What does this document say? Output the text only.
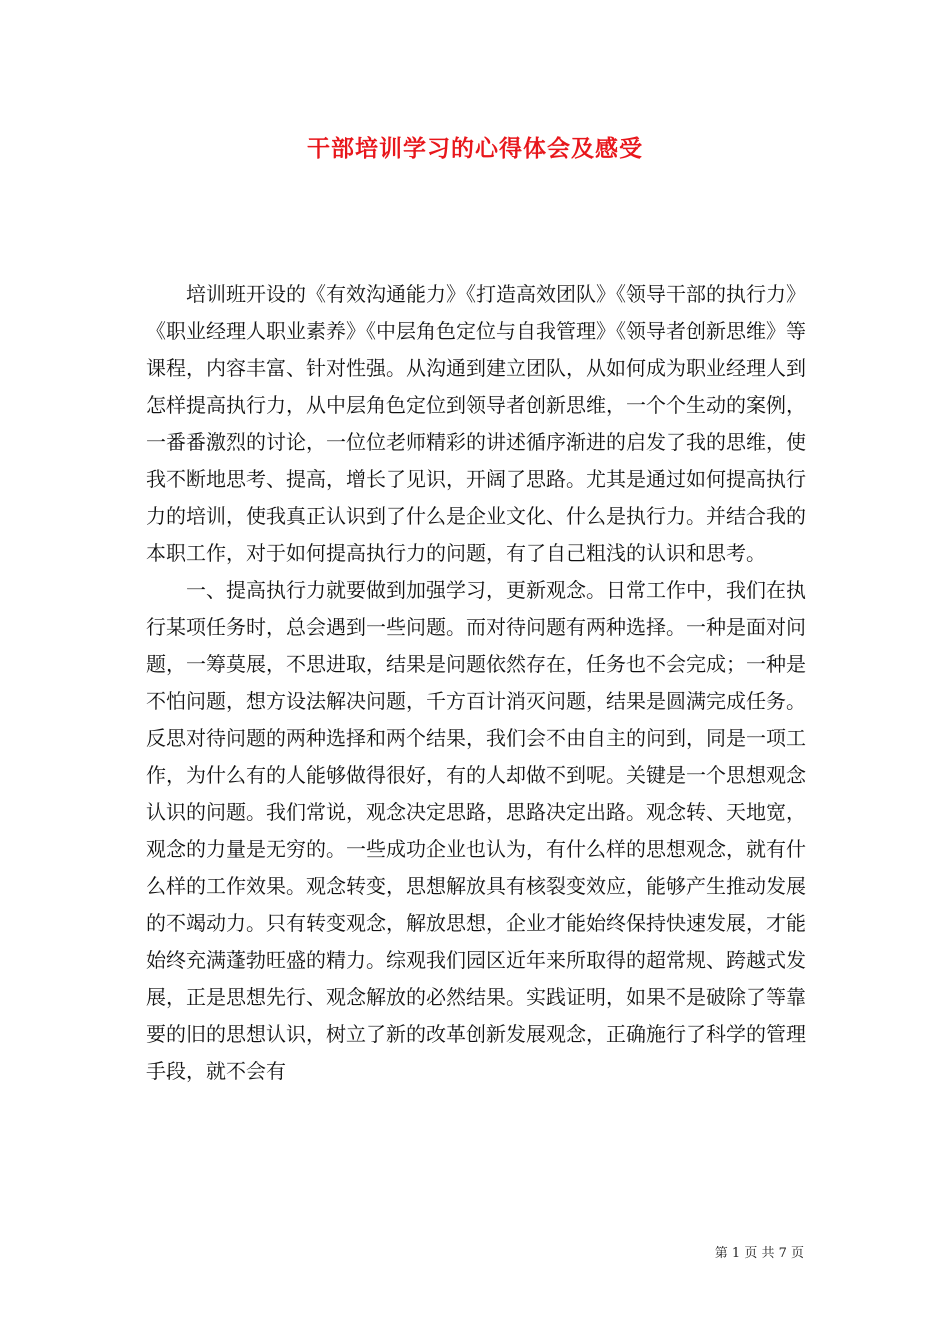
干部培训学习的心得体会及感受

培训班开设的《有效沟通能力》《打造高效团队》《领导干部的执行力》《职业经理人职业素养》《中层角色定位与自我管理》《领导者创新思维》等课程，内容丰富、针对性强。从沟通到建立团队，从如何成为职业经理人到怎样提高执行力，从中层角色定位到领导者创新思维，一个个生动的案例，一番番激烈的讨论，一位位老师精彩的讲述循序渐进的启发了我的思维，使我不断地思考、提高，增长了见识，开阔了思路。尤其是通过如何提高执行力的培训，使我真正认识到了什么是企业文化、什么是执行力。并结合我的本职工作，对于如何提高执行力的问题，有了自己粗浅的认识和思考。

一、提高执行力就要做到加强学习，更新观念。日常工作中，我们在执行某项任务时，总会遇到一些问题。而对待问题有两种选择。一种是面对问题，一筹莫展，不思进取，结果是问题依然存在，任务也不会完成；一种是不怕问题，想方设法解决问题，千方百计消灭问题，结果是圆满完成任务。反思对待问题的两种选择和两个结果，我们会不由自主的问到，同是一项工作，为什么有的人能够做得很好，有的人却做不到呢。关键是一个思想观念认识的问题。我们常说，观念决定思路，思路决定出路。观念转、天地宽，观念的力量是无穷的。一些成功企业也认为，有什么样的思想观念，就有什么样的工作效果。观念转变，思想解放具有核裂变效应，能够产生推动发展的不竭动力。只有转变观念，解放思想，企业才能始终保持快速发展，才能始终充满蓬勃旺盛的精力。综观我们园区近年来所取得的超常规、跨越式发展，正是思想先行、观念解放的必然结果。实践证明，如果不是破除了等靠要的旧的思想认识，树立了新的改革创新发展观念，正确施行了科学的管理手段，就不会有

第 1 页 共 7 页
